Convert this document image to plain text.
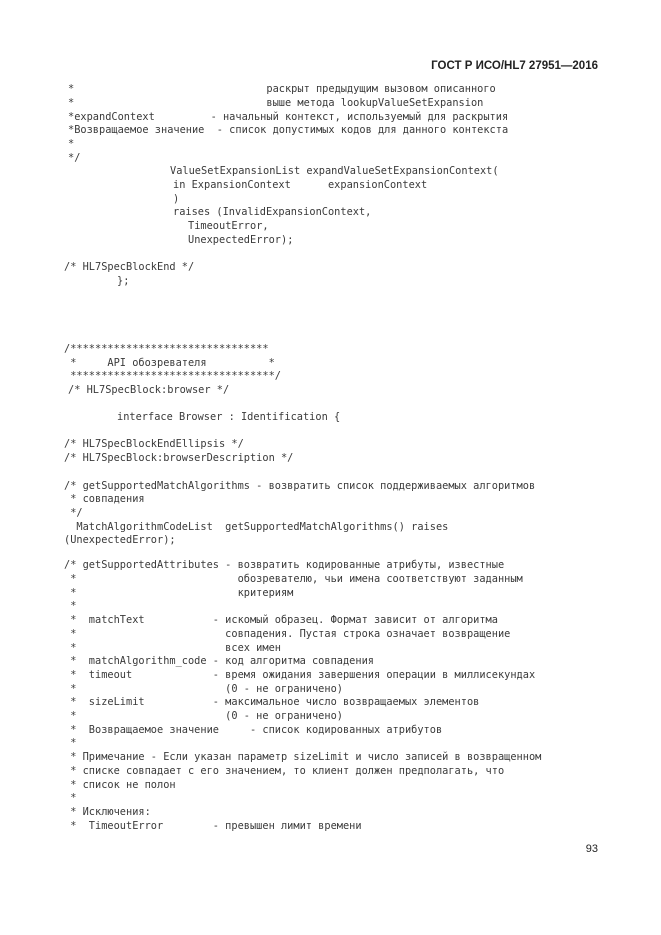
ГОСТ Р ИСО/HL7 27951—2016
*                               раскрыт предыдущим вызовом описанного
*                               выше метода lookupValueSetExpansion
*expandContext         - начальный контекст, используемый для раскрытия
*Возвращаемое значение  - список допустимых кодов для данного контекста
*
*/
ValueSetExpansionList expandValueSetExpansionContext(
in ExpansionContext      expansionContext
)
raises (InvalidExpansionContext,
TimeoutError,
UnexpectedError);
/* HL7SpecBlockEnd */
};
/********************************
*     API обозревателя          *
*********************************/
/* HL7SpecBlock:browser */
interface Browser : Identification {
/* HL7SpecBlockEndEllipsis */
/* HL7SpecBlock:browserDescription */
/* getSupportedMatchAlgorithms - возвратить список поддерживаемых алгоритмов
* совпадения
*/
MatchAlgorithmCodeList  getSupportedMatchAlgorithms() raises
(UnexpectedError);
/* getSupportedAttributes - возвратить кодированные атрибуты, известные
*                          обозревателю, чьи имена соответствуют заданным
*                          критериям
*
*  matchText           - искомый образец. Формат зависит от алгоритма
*                        совпадения. Пустая строка означает возвращение
*                        всех имен
*  matchAlgorithm_code - код алгоритма совпадения
*  timeout             - время ожидания завершения операции в миллисекундах
*                        (0 - не ограничено)
*  sizeLimit           - максимальное число возвращаемых элементов
*                        (0 - не ограничено)
*  Возвращаемое значение     - список кодированных атрибутов
*
* Примечание - Если указан параметр sizeLimit и число записей в возвращенном
* списке совпадает с его значением, то клиент должен предполагать, что
* список не полон
*
* Исключения:
*  TimeoutError        - превышен лимит времени
93
